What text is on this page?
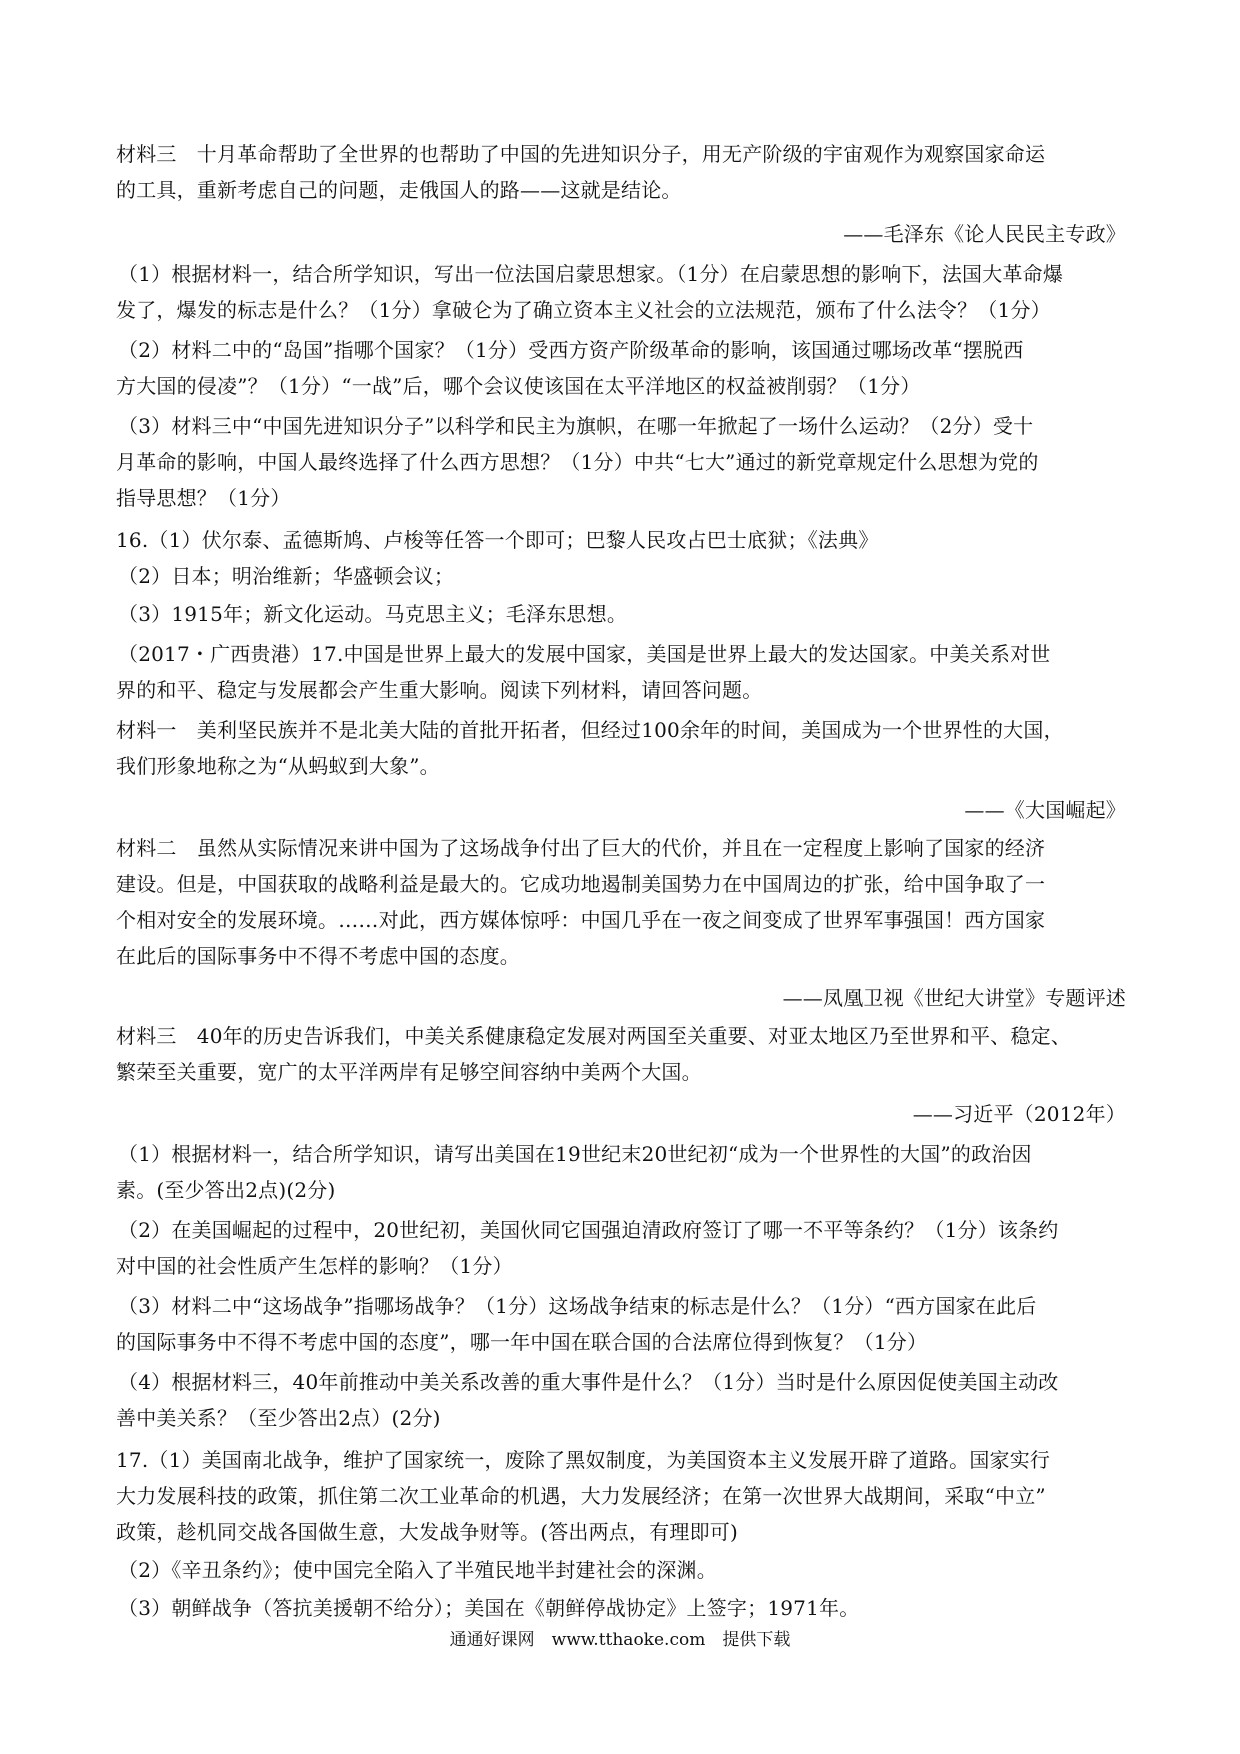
材料三　十月革命帮助了全世界的也帮助了中国的先进知识分子，用无产阶级的宇宙观作为观察国家命运
的工具，重新考虑自己的问题，走俄国人的路——这就是结论。
——毛泽东《论人民民主专政》
（1）根据材料一，结合所学知识，写出一位法国启蒙思想家。（1分）在启蒙思想的影响下，法国大革命爆
发了，爆发的标志是什么？（1分）拿破仑为了确立资本主义社会的立法规范，颁布了什么法令？（1分）
（2）材料二中的“岛国”指哪个国家？（1分）受西方资产阶级革命的影响，该国通过哪场改革“摆脱西
方大国的侵凌”？（1分）“一战”后，哪个会议使该国在太平洋地区的权益被削弱？（1分）
（3）材料三中“中国先进知识分子”以科学和民主为旗帜，在哪一年掀起了一场什么运动？（2分）受十
月革命的影响，中国人最终选择了什么西方思想？（1分）中共“七大”通过的新党章规定什么思想为党的
指导思想？（1分）
16.（1）伏尔泰、孟德斯鸠、卢梭等任答一个即可；巴黎人民攻占巴士底狱；《法典》
（2）日本；明治维新；华盛顿会议；
（3）1915年；新文化运动。马克思主义；毛泽东思想。
（2017・广西贵港）17.中国是世界上最大的发展中国家，美国是世界上最大的发达国家。中美关系对世
界的和平、稳定与发展都会产生重大影响。阅读下列材料，请回答问题。
材料一　美利坚民族并不是北美大陆的首批开拓者，但经过100余年的时间，美国成为一个世界性的大国，
我们形象地称之为“从蚂蚁到大象”。
——《大国崛起》
材料二　虽然从实际情况来讲中国为了这场战争付出了巨大的代价，并且在一定程度上影响了国家的经济
建设。但是，中国获取的战略利益是最大的。它成功地遏制美国势力在中国周边的扩张，给中国争取了一
个相对安全的发展环境。……对此，西方媒体惊呼：中国几乎在一夜之间变成了世界军事强国！西方国家
在此后的国际事务中不得不考虑中国的态度。
——凤凰卫视《世纪大讲堂》专题评述
材料三　40年的历史告诉我们，中美关系健康稳定发展对两国至关重要、对亚太地区乃至世界和平、稳定、
繁荣至关重要，宽广的太平洋两岸有足够空间容纳中美两个大国。
——习近平（2012年）
（1）根据材料一，结合所学知识，请写出美国在19世纪末20世纪初“成为一个世界性的大国”的政治因
素。(至少答出2点)(2分)
（2）在美国崛起的过程中，20世纪初，美国伙同它国强迫清政府签订了哪一不平等条约？（1分）该条约
对中国的社会性质产生怎样的影响？（1分）
（3）材料二中“这场战争”指哪场战争？（1分）这场战争结束的标志是什么？（1分）“西方国家在此后
的国际事务中不得不考虑中国的态度”，哪一年中国在联合国的合法席位得到恢复？（1分）
（4）根据材料三，40年前推动中美关系改善的重大事件是什么？（1分）当时是什么原因促使美国主动改
善中美关系？（至少答出2点）(2分)
17.（1）美国南北战争，维护了国家统一，废除了黑奴制度，为美国资本主义发展开辟了道路。国家实行
大力发展科技的政策，抓住第二次工业革命的机遇，大力发展经济；在第一次世界大战期间，采取“中立”
政策，趁机同交战各国做生意，大发战争财等。(答出两点，有理即可)
（2）《辛丑条约》；使中国完全陷入了半殖民地半封建社会的深渊。
（3）朝鲜战争（答抗美援朝不给分）；美国在《朝鲜停战协定》上签字；1971年。
通通好课网　www.tthaoke.com　提供下载
